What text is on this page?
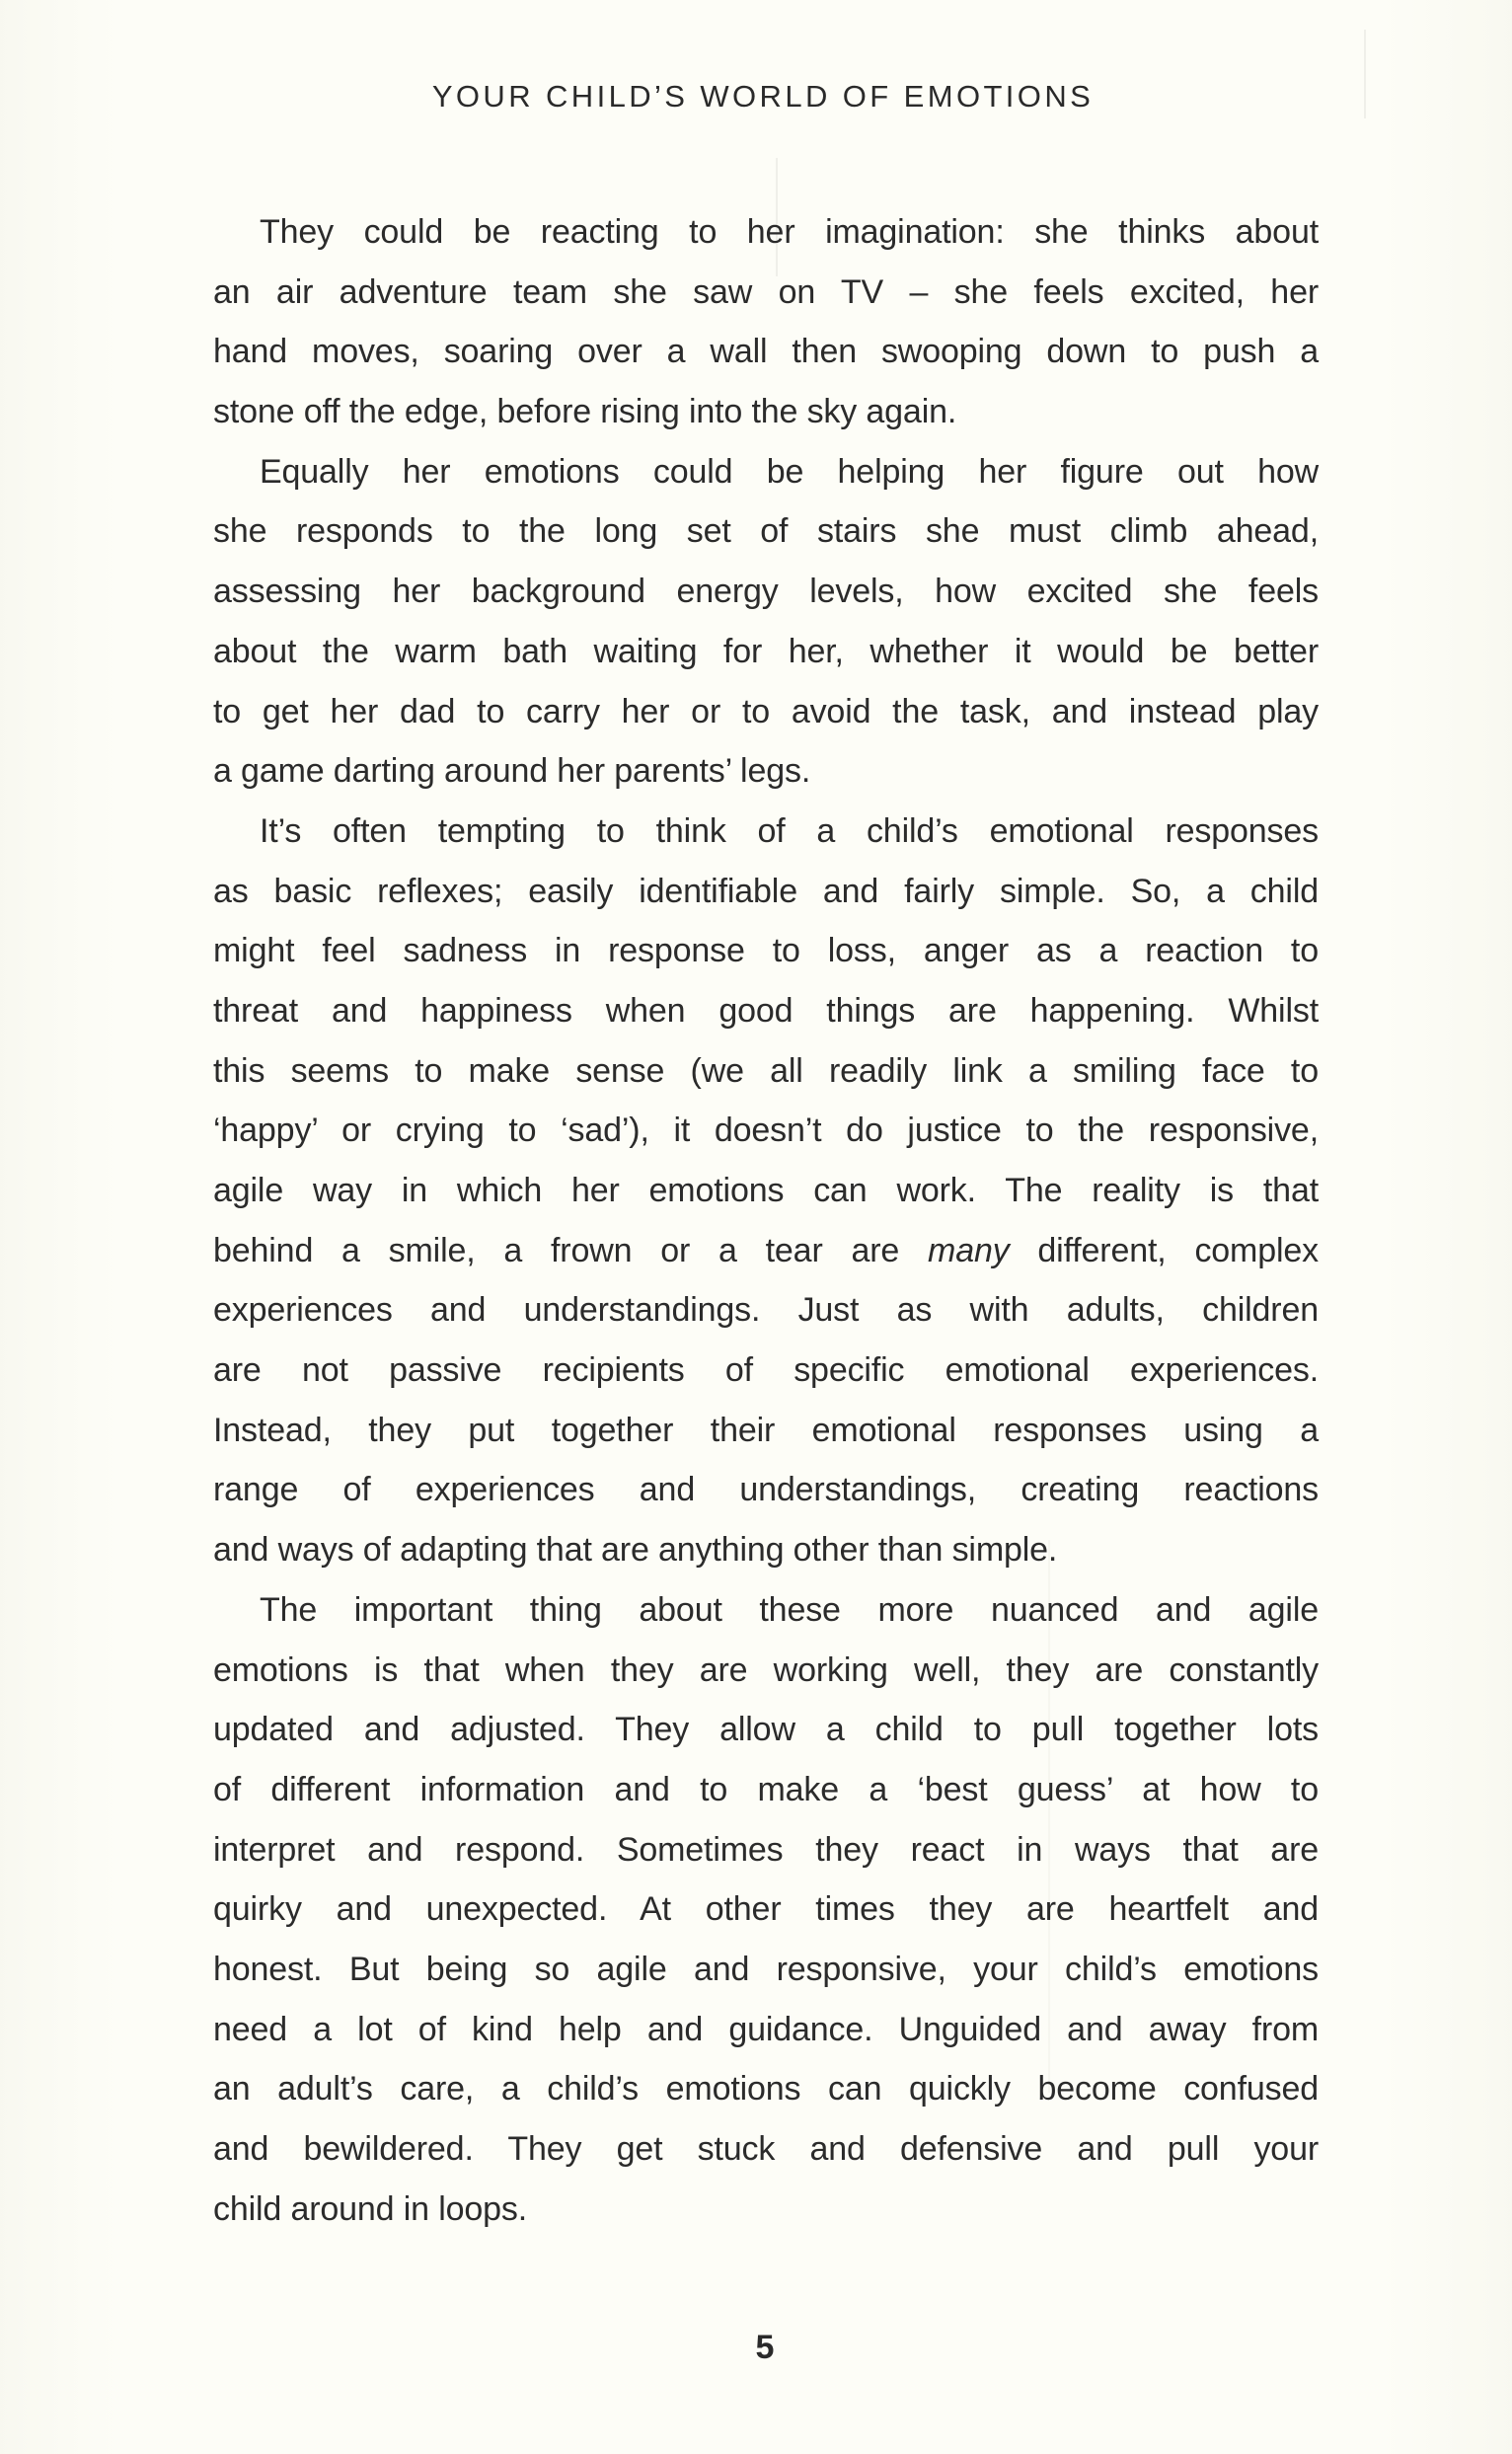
YOUR CHILD’S WORLD OF EMOTIONS
They could be reacting to her imagination: she thinks about
an air adventure team she saw on TV – she feels excited, her
hand moves, soaring over a wall then swooping down to push a
stone off the edge, before rising into the sky again.
Equally her emotions could be helping her figure out how
she responds to the long set of stairs she must climb ahead,
assessing her background energy levels, how excited she feels
about the warm bath waiting for her, whether it would be better
to get her dad to carry her or to avoid the task, and instead play
a game darting around her parents’ legs.
It’s often tempting to think of a child’s emotional responses
as basic reflexes; easily identifiable and fairly simple. So, a child
might feel sadness in response to loss, anger as a reaction to
threat and happiness when good things are happening. Whilst
this seems to make sense (we all readily link a smiling face to
‘happy’ or crying to ‘sad’), it doesn’t do justice to the responsive,
agile way in which her emotions can work. The reality is that
behind a smile, a frown or a tear are many different, complex
experiences and understandings. Just as with adults, children
are not passive recipients of specific emotional experiences.
Instead, they put together their emotional responses using a
range of experiences and understandings, creating reactions
and ways of adapting that are anything other than simple.
The important thing about these more nuanced and agile
emotions is that when they are working well, they are constantly
updated and adjusted. They allow a child to pull together lots
of different information and to make a ‘best guess’ at how to
interpret and respond. Sometimes they react in ways that are
quirky and unexpected. At other times they are heartfelt and
honest. But being so agile and responsive, your child’s emotions
need a lot of kind help and guidance. Unguided and away from
an adult’s care, a child’s emotions can quickly become confused
and bewildered. They get stuck and defensive and pull your
child around in loops.
5
